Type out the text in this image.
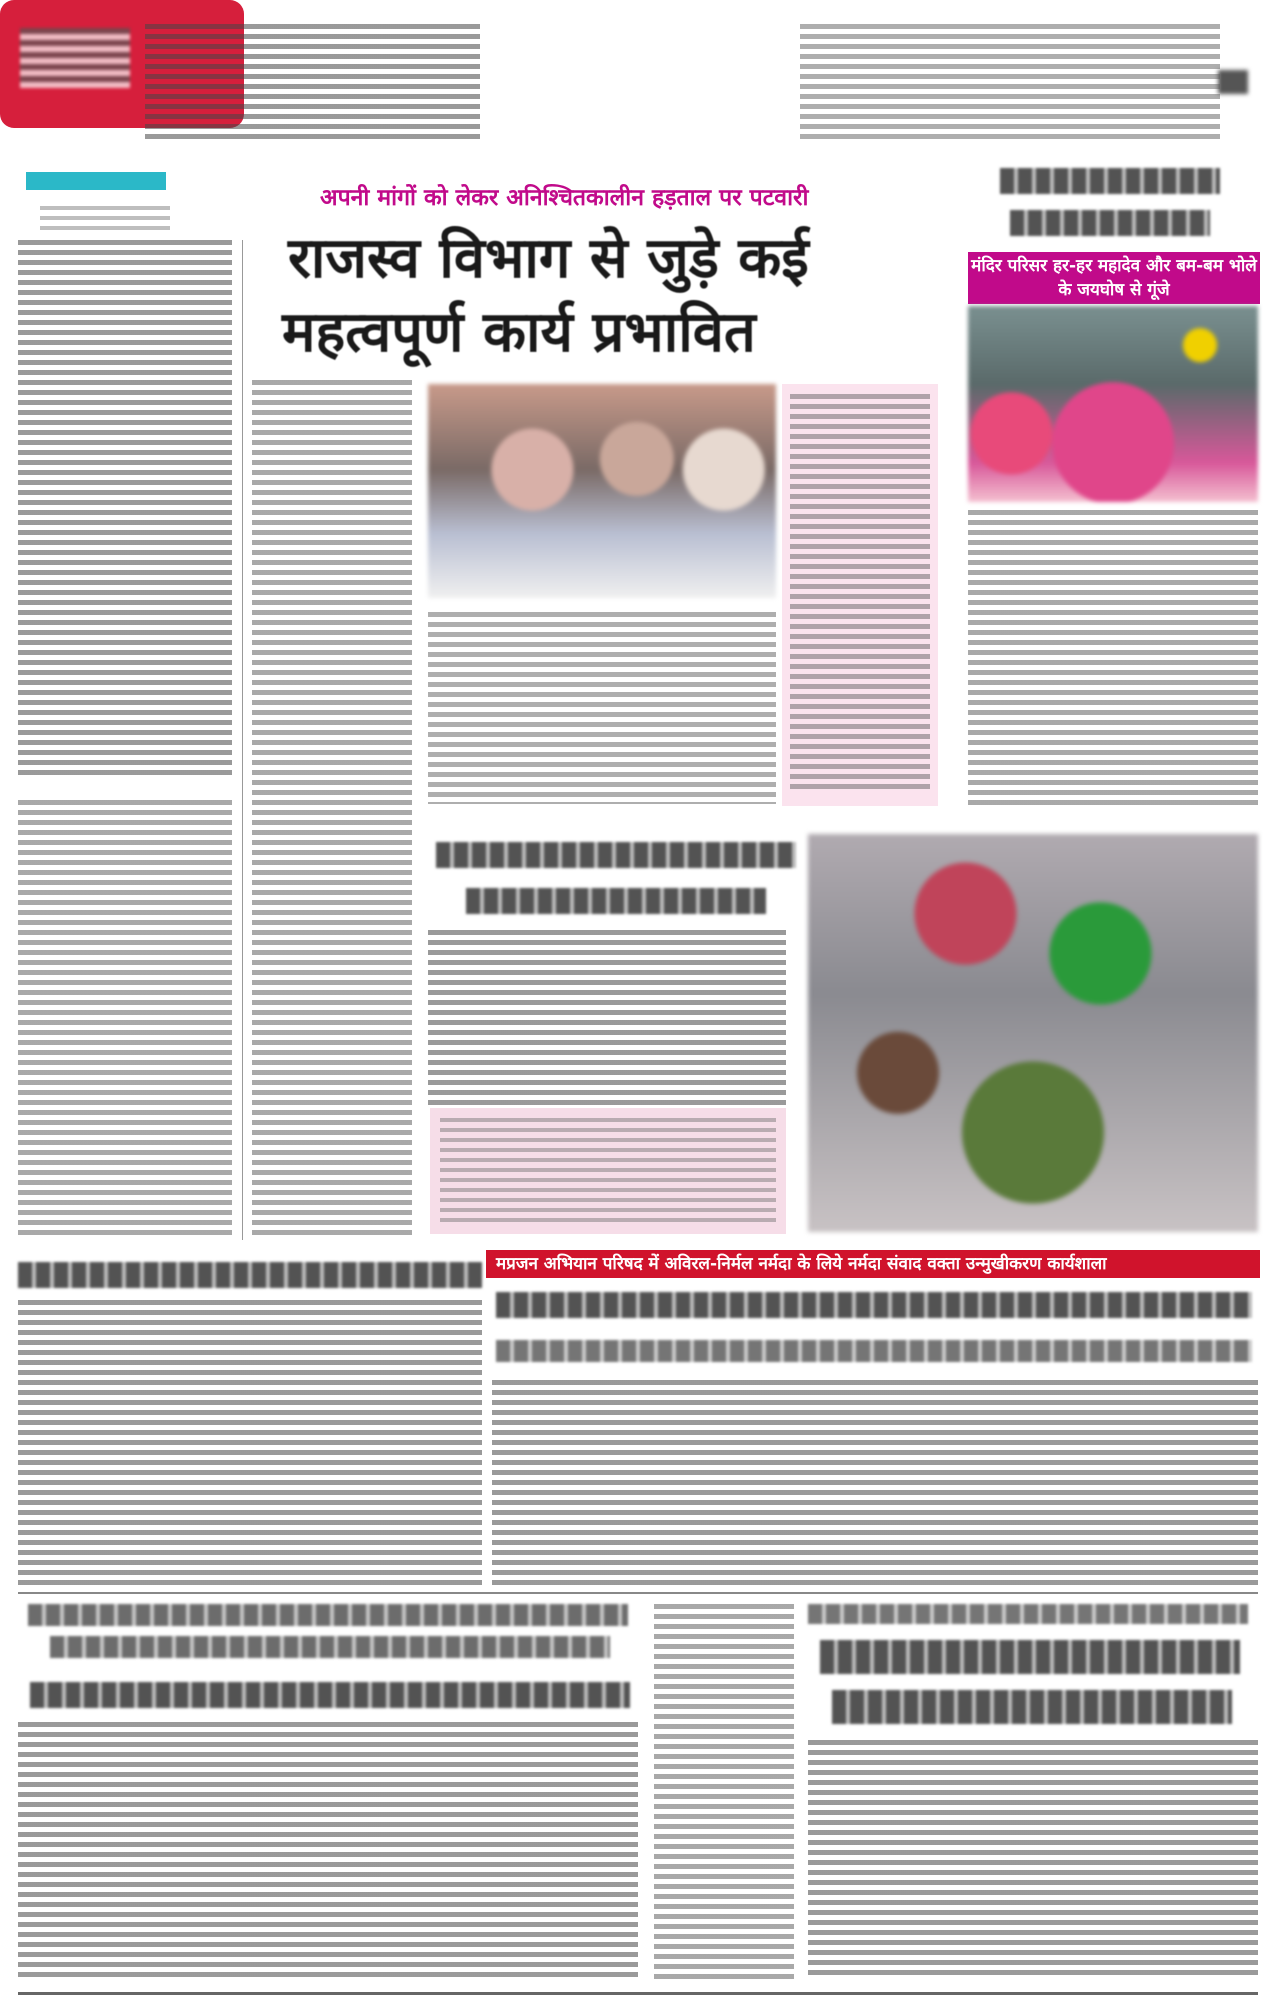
राजधानी
लोकल
अपनी मांगों को लेकर अनिश्चितकालीन हड़ताल पर पटवारी
राजस्व विभाग से जुड़े कई
महत्वपूर्ण कार्य प्रभावित
मंदिर परिसर हर-हर महादेव और बम-बम भोले के जयघोष से गूंजे
मप्रजन अभियान परिषद में अविरल-निर्मल नर्मदा के लिये नर्मदा संवाद वक्ता उन्मुखीकरण कार्यशाला
